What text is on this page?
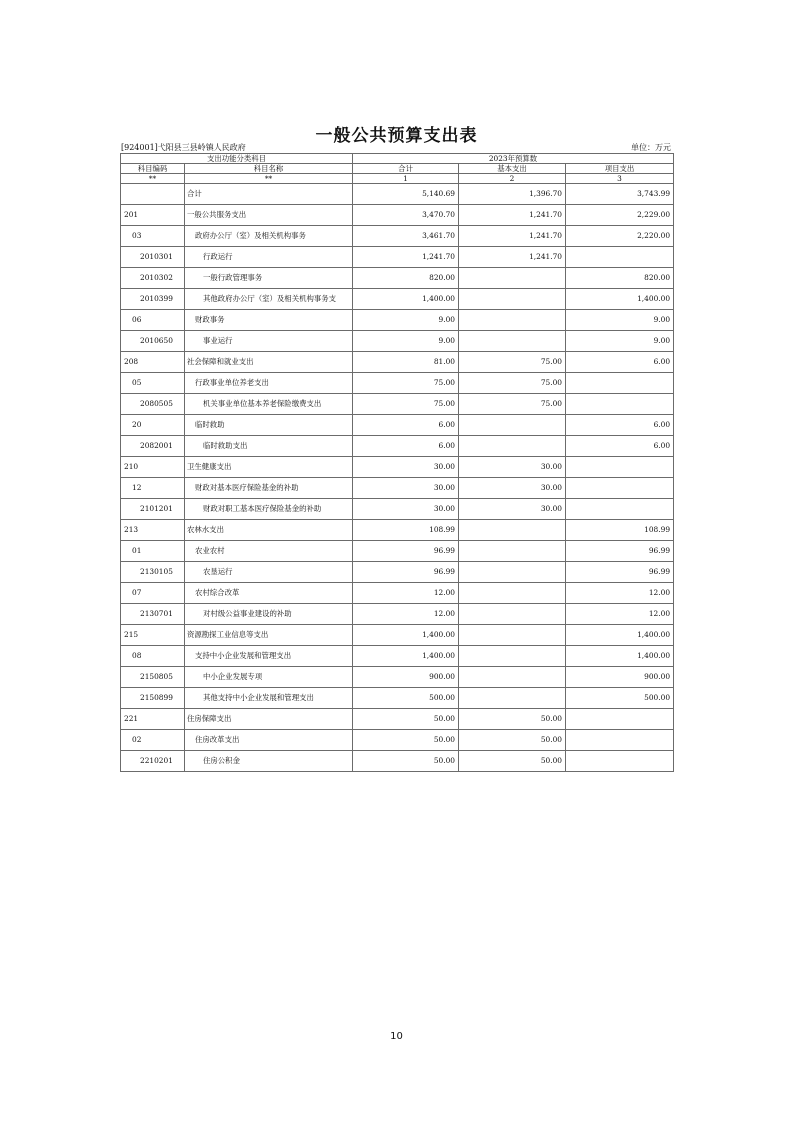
一般公共预算支出表
[924001]弋阳县三县岭镇人民政府	单位：万元
支出功能分类科目		2023年预算数		
科目编码	科目名称	合计	基本支出	项目支出
**	**	1	2	3
	合计	5,140.69	1,396.70	3,743.99
201	一般公共服务支出	3,470.70	1,241.70	2,229.00
03	政府办公厅（室）及相关机构事务	3,461.70	1,241.70	2,220.00
2010301	行政运行	1,241.70	1,241.70	
2010302	一般行政管理事务	820.00		820.00
2010399	其他政府办公厅（室）及相关机构事务支	1,400.00		1,400.00
06	财政事务	9.00		9.00
2010650	事业运行	9.00		9.00
208	社会保障和就业支出	81.00	75.00	6.00
05	行政事业单位养老支出	75.00	75.00	
2080505	机关事业单位基本养老保险缴费支出	75.00	75.00	
20	临时救助	6.00		6.00
2082001	临时救助支出	6.00		6.00
210	卫生健康支出	30.00	30.00	
12	财政对基本医疗保险基金的补助	30.00	30.00	
2101201	财政对职工基本医疗保险基金的补助	30.00	30.00	
213	农林水支出	108.99		108.99
01	农业农村	96.99		96.99
2130105	农垦运行	96.99		96.99
07	农村综合改革	12.00		12.00
2130701	对村级公益事业建设的补助	12.00		12.00
215	资源勘探工业信息等支出	1,400.00		1,400.00
08	支持中小企业发展和管理支出	1,400.00		1,400.00
2150805	中小企业发展专项	900.00		900.00
2150899	其他支持中小企业发展和管理支出	500.00		500.00
221	住房保障支出	50.00	50.00	
02	住房改革支出	50.00	50.00	
2210201	住房公积金	50.00	50.00	
10
